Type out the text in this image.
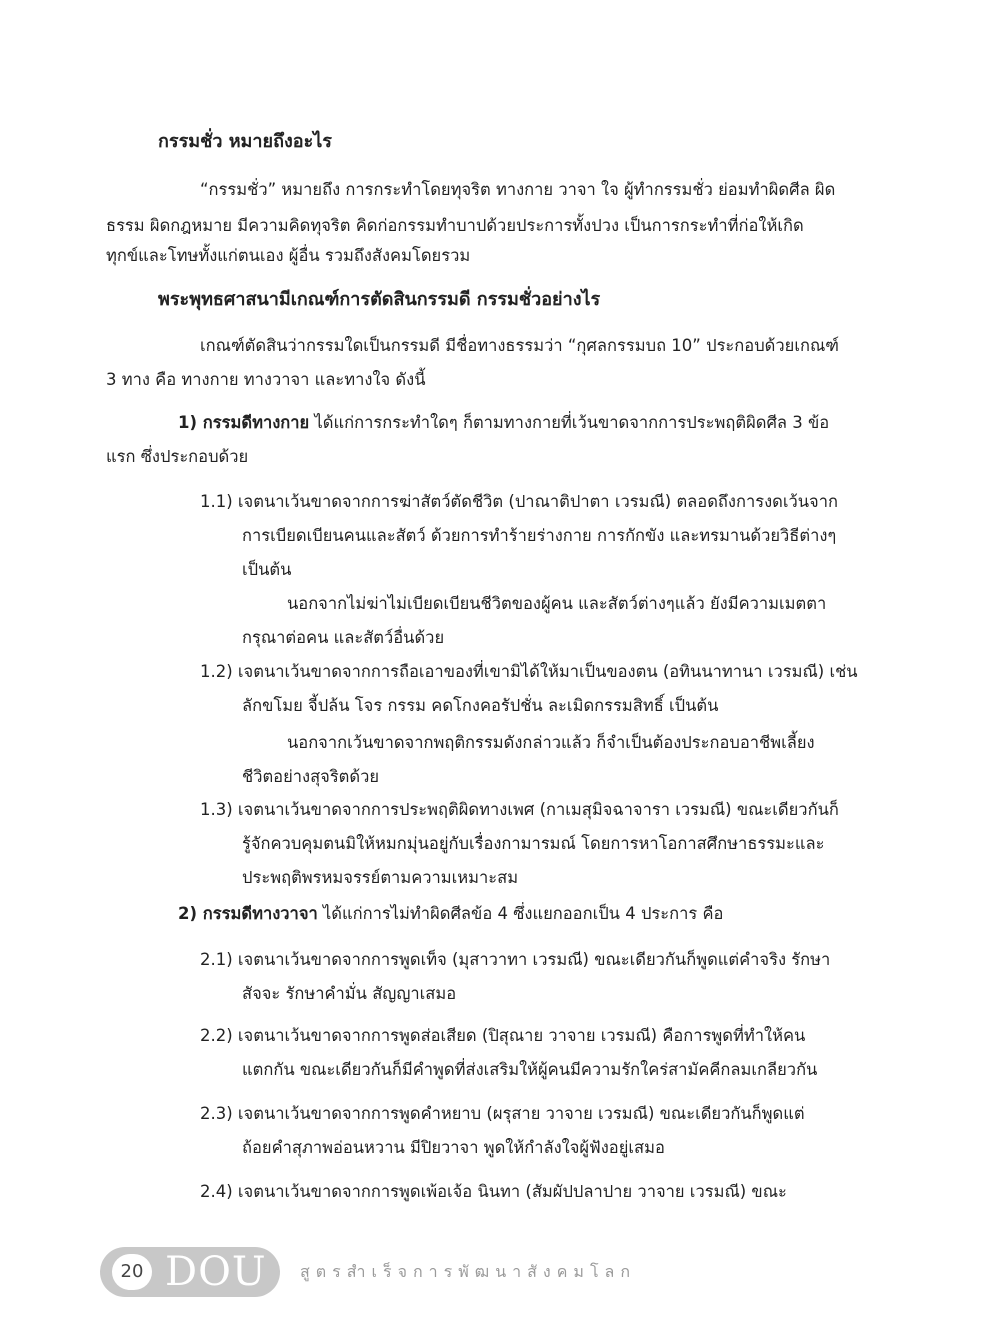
กรรมชั่ว หมายถึงอะไร

“กรรมชั่ว” หมายถึง การกระทำโดยทุจริต ทางกาย วาจา ใจ ผู้ทำกรรมชั่ว ย่อมทำผิดศีล ผิด

ธรรม ผิดกฎหมาย มีความคิดทุจริต คิดก่อกรรมทำบาปด้วยประการทั้งปวง เป็นการกระทำที่ก่อให้เกิด

ทุกข์และโทษทั้งแก่ตนเอง ผู้อื่น รวมถึงสังคมโดยรวม

พระพุทธศาสนามีเกณฑ์การตัดสินกรรมดี กรรมชั่วอย่างไร

เกณฑ์ตัดสินว่ากรรมใดเป็นกรรมดี มีชื่อทางธรรมว่า “กุศลกรรมบถ 10” ประกอบด้วยเกณฑ์

3 ทาง คือ ทางกาย ทางวาจา และทางใจ ดังนี้

1) กรรมดีทางกาย ได้แก่การกระทำใดๆ ก็ตามทางกายที่เว้นขาดจากการประพฤติผิดศีล 3 ข้อ

แรก ซึ่งประกอบด้วย

1.1) เจตนาเว้นขาดจากการฆ่าสัตว์ตัดชีวิต (ปาณาติปาตา เวรมณี) ตลอดถึงการงดเว้นจาก

การเบียดเบียนคนและสัตว์ ด้วยการทำร้ายร่างกาย การกักขัง และทรมานด้วยวิธีต่างๆ

เป็นต้น

นอกจากไม่ฆ่าไม่เบียดเบียนชีวิตของผู้คน และสัตว์ต่างๆแล้ว ยังมีความเมตตา

กรุณาต่อคน และสัตว์อื่นด้วย

1.2) เจตนาเว้นขาดจากการถือเอาของที่เขามิได้ให้มาเป็นของตน (อทินนาทานา เวรมณี) เช่น

ลักขโมย จี้ปล้น โจร กรรม คดโกงคอรัปชั่น ละเมิดกรรมสิทธิ์ เป็นต้น

นอกจากเว้นขาดจากพฤติกรรมดังกล่าวแล้ว ก็จำเป็นต้องประกอบอาชีพเลี้ยง

ชีวิตอย่างสุจริตด้วย

1.3) เจตนาเว้นขาดจากการประพฤติผิดทางเพศ (กาเมสุมิจฉาจารา เวรมณี) ขณะเดียวกันก็

รู้จักควบคุมตนมิให้หมกมุ่นอยู่กับเรื่องกามารมณ์ โดยการหาโอกาสศึกษาธรรมะและ

ประพฤติพรหมจรรย์ตามความเหมาะสม

2) กรรมดีทางวาจา ได้แก่การไม่ทำผิดศีลข้อ 4 ซึ่งแยกออกเป็น 4 ประการ คือ

2.1) เจตนาเว้นขาดจากการพูดเท็จ (มุสาวาทา เวรมณี) ขณะเดียวกันก็พูดแต่คำจริง รักษา

สัจจะ รักษาคำมั่น สัญญาเสมอ

2.2) เจตนาเว้นขาดจากการพูดส่อเสียด (ปิสุณาย วาจาย เวรมณี) คือการพูดที่ทำให้คน

แตกกัน ขณะเดียวกันก็มีคำพูดที่ส่งเสริมให้ผู้คนมีความรักใคร่สามัคคีกลมเกลียวกัน

2.3) เจตนาเว้นขาดจากการพูดคำหยาบ (ผรุสาย วาจาย เวรมณี) ขณะเดียวกันก็พูดแต่

ถ้อยคำสุภาพอ่อนหวาน มีปิยวาจา พูดให้กำลังใจผู้ฟังอยู่เสมอ

2.4) เจตนาเว้นขาดจากการพูดเพ้อเจ้อ นินทา (สัมผัปปลาปาย วาจาย เวรมณี) ขณะ

20 DOU สูตรสำเร็จการพัฒนาสังคมโลก
